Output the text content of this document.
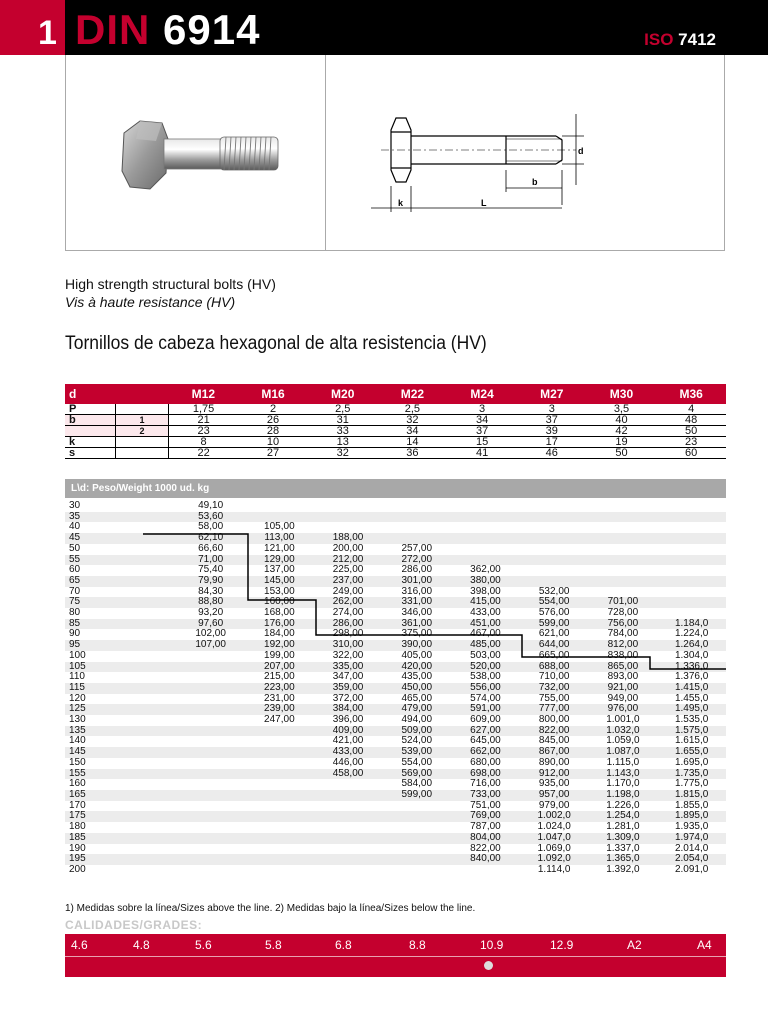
1 DIN 6914	ISO 7412
d
b
k	L
High strength structural bolts (HV)
Vis à haute resistance (HV)
Tornillos de cabeza hexagonal de alta resistencia (HV)
d		M12	M16	M20	M22	M24	M27	M30	M36
P		1,75	2	2,5	2,5	3	3	3,5	4
b	1	21	26	31	32	34	37	40	48
	2	23	28	33	34	37	39	42	50
k		8	10	13	14	15	17	19	23
s		22	27	32	36	41	46	50	60
L\d: Peso/Weight 1000 ud. kg
30	49,10							
35	53,60							
40	58,00	105,00						
45	62,10	113,00	188,00					
50	66,60	121,00	200,00	257,00				
55	71,00	129,00	212,00	272,00				
60	75,40	137,00	225,00	286,00	362,00			
65	79,90	145,00	237,00	301,00	380,00			
70	84,30	153,00	249,00	316,00	398,00	532,00		
75	88,80	160,00	262,00	331,00	415,00	554,00	701,00	
80	93,20	168,00	274,00	346,00	433,00	576,00	728,00	
85	97,60	176,00	286,00	361,00	451,00	599,00	756,00	1.184,0
90	102,00	184,00	298,00	375,00	467,00	621,00	784,00	1.224,0
95	107,00	192,00	310,00	390,00	485,00	644,00	812,00	1.264,0
100		199,00	322,00	405,00	503,00	665,00	838,00	1.304,0
105		207,00	335,00	420,00	520,00	688,00	865,00	1.336,0
110		215,00	347,00	435,00	538,00	710,00	893,00	1.376,0
115		223,00	359,00	450,00	556,00	732,00	921,00	1.415,0
120		231,00	372,00	465,00	574,00	755,00	949,00	1.455,0
125		239,00	384,00	479,00	591,00	777,00	976,00	1.495,0
130		247,00	396,00	494,00	609,00	800,00	1.001,0	1.535,0
135			409,00	509,00	627,00	822,00	1.032,0	1.575,0
140			421,00	524,00	645,00	845,00	1.059,0	1.615,0
145			433,00	539,00	662,00	867,00	1.087,0	1.655,0
150			446,00	554,00	680,00	890,00	1.115,0	1.695,0
155			458,00	569,00	698,00	912,00	1.143,0	1.735,0
160				584,00	716,00	935,00	1.170,0	1.775,0
165				599,00	733,00	957,00	1.198,0	1.815,0
170					751,00	979,00	1.226,0	1.855,0
175					769,00	1.002,0	1.254,0	1.895,0
180					787,00	1.024,0	1.281,0	1.935,0
185					804,00	1.047,0	1.309,0	1.974,0
190					822,00	1.069,0	1.337,0	2.014,0
195					840,00	1.092,0	1.365,0	2.054,0
200						1.114,0	1.392,0	2.091,0
1) Medidas sobre la línea/Sizes above the line. 2) Medidas bajo la línea/Sizes below the line.
CALIDADES/GRADES:
4.6	4.8	5.6	5.8	6.8	8.8	10.9	12.9	A2	A4
